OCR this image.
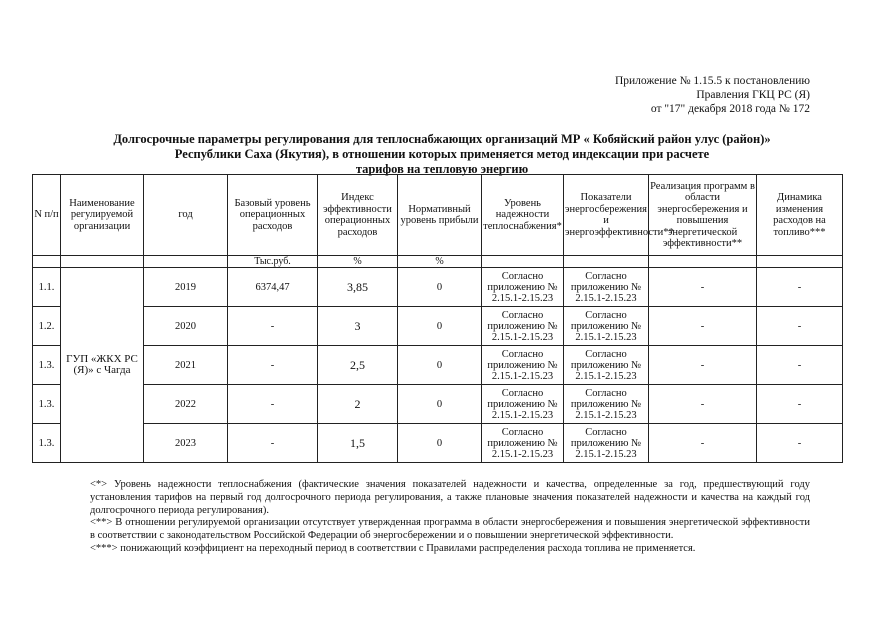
Приложение № 1.15.5 к постановлению
Правления ГКЦ РС (Я)
от "17" декабря 2018 года № 172
Долгосрочные параметры регулирования для теплоснабжающих организаций МР « Кобяйский район улус (район)»
Республики Саха (Якутия), в отношении которых применяется метод индексации при расчете
тарифов на тепловую энергию
N п/п	Наименование регулируемой организации	год	Базовый уровень операционных расходов	Индекс эффективности операционных расходов	Нормативный уровень прибыли	Уровень надежности теплоснабжения*	Показатели энергосбережения и энергоэффективности**	Реализация программ в области энергосбережения и повышения энергетической эффективности**	Динамика изменения расходов на топливо***
			Тыс.руб.	%	%				
1.1.	ГУП «ЖКХ РС (Я)» с Чагда	2019	6374,47	3,85	0	Согласно приложению № 2.15.1-2.15.23	Согласно приложению № 2.15.1-2.15.23	-	-
1.2.		2020	-	3	0	Согласно приложению № 2.15.1-2.15.23	Согласно приложению № 2.15.1-2.15.23	-	-
1.3.		2021	-	2,5	0	Согласно приложению № 2.15.1-2.15.23	Согласно приложению № 2.15.1-2.15.23	-	-
1.3.		2022	-	2	0	Согласно приложению № 2.15.1-2.15.23	Согласно приложению № 2.15.1-2.15.23	-	-
1.3.		2023	-	1,5	0	Согласно приложению № 2.15.1-2.15.23	Согласно приложению № 2.15.1-2.15.23	-	-

<*> Уровень надежности теплоснабжения (фактические значения показателей надежности и качества, определенные за год, предшествующий году установления тарифов на первый год долгосрочного периода регулирования, а также плановые значения показателей надежности и качества на каждый год долгосрочного периода регулирования).

<**> В отношении регулируемой организации отсутствует утвержденная программа в области энергосбережения и повышения энергетической эффективности в соответствии с законодательством Российской Федерации об энергосбережении и о повышении энергетической эффективности.

<***> понижающий коэффициент на переходный период в соответствии с Правилами распределения расхода топлива не применяется.
